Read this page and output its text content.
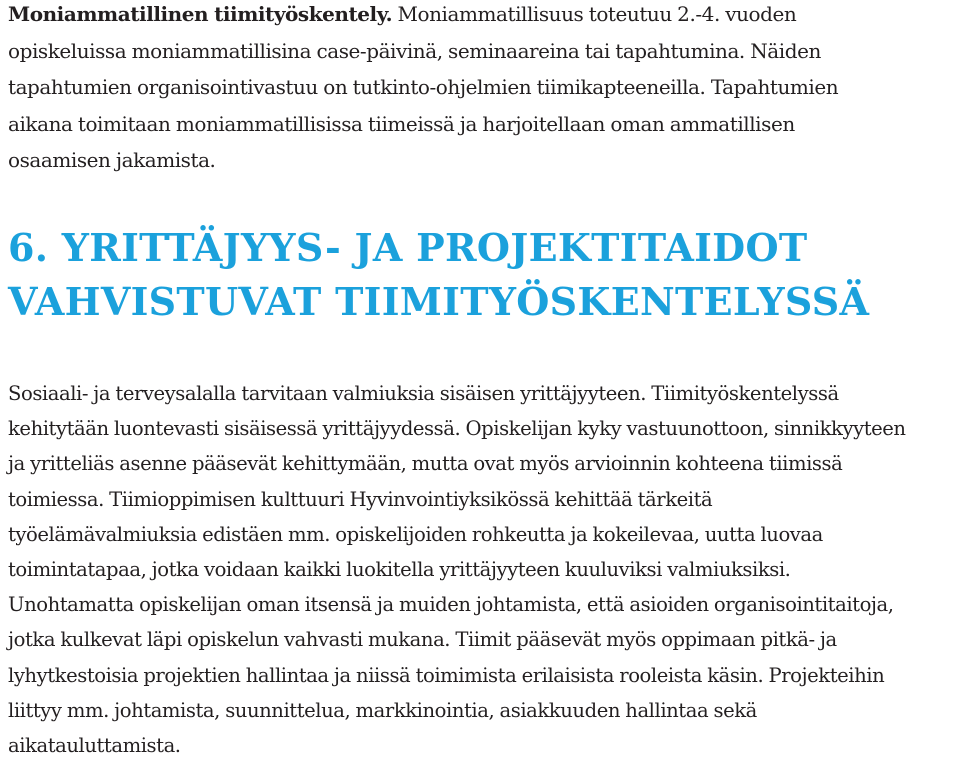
Moniammatillinen tiimityöskentely. Moniammatillisuus toteutuu 2.-4. vuoden
opiskeluissa moniammatillisina case-päivinä, seminaareina tai tapahtumina. Näiden
tapahtumien organisointivastuu on tutkinto-ohjelmien tiimikapteeneilla. Tapahtumien
aikana toimitaan moniammatillisissa tiimeissä ja harjoitellaan oman ammatillisen
osaamisen jakamista.

6. YRITTÄJYYS- JA PROJEKTITAIDOT
VAHVISTUVAT TIIMITYÖSKENTELYSSÄ

Sosiaali- ja terveysalalla tarvitaan valmiuksia sisäisen yrittäjyyteen. Tiimityöskentelyssä
kehitytään luontevasti sisäisessä yrittäjyydessä. Opiskelijan kyky vastuunottoon, sinnikkyyteen
ja yritteliäs asenne pääsevät kehittymään, mutta ovat myös arvioinnin kohteena tiimissä
toimiessa. Tiimioppimisen kulttuuri Hyvinvointiyksikössä kehittää tärkeitä
työelämävalmiuksia edistäen mm. opiskelijoiden rohkeutta ja kokeilevaa, uutta luovaa
toimintatapaa, jotka voidaan kaikki luokitella yrittäjyyteen kuuluviksi valmiuksiksi.
Unohtamatta opiskelijan oman itsensä ja muiden johtamista, että asioiden organisointitaitoja,
jotka kulkevat läpi opiskelun vahvasti mukana. Tiimit pääsevät myös oppimaan pitkä- ja
lyhytkestoisia projektien hallintaa ja niissä toimimista erilaisista rooleista käsin. Projekteihin
liittyy mm. johtamista, suunnittelua, markkinointia, asiakkuuden hallintaa sekä
aikatauluttamista.
